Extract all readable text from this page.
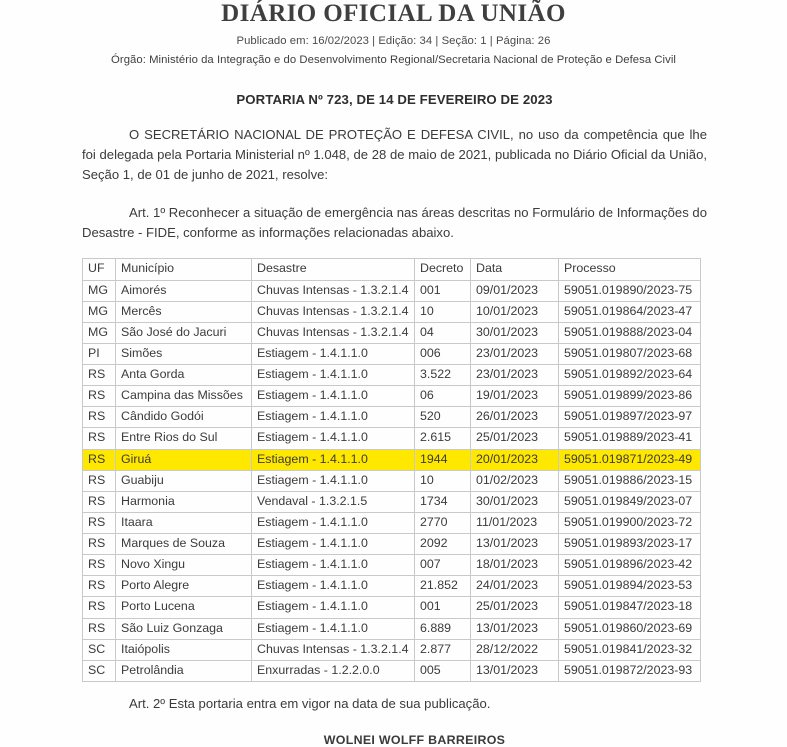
DIÁRIO OFICIAL DA UNIÃO
Publicado em: 16/02/2023 | Edição: 34 | Seção: 1 | Página: 26
Órgão: Ministério da Integração e do Desenvolvimento Regional/Secretaria Nacional de Proteção e Defesa Civil
PORTARIA Nº 723, DE 14 DE FEVEREIRO DE 2023
O SECRETÁRIO NACIONAL DE PROTEÇÃO E DEFESA CIVIL, no uso da competência que lhe foi delegada pela Portaria Ministerial nº 1.048, de 28 de maio de 2021, publicada no Diário Oficial da União, Seção 1, de 01 de junho de 2021, resolve:
Art. 1º Reconhecer a situação de emergência nas áreas descritas no Formulário de Informações do Desastre - FIDE, conforme as informações relacionadas abaixo.
UF	Município	Desastre	Decreto	Data	Processo
MG	Aimorés	Chuvas Intensas - 1.3.2.1.4	001	09/01/2023	59051.019890/2023-75
MG	Mercês	Chuvas Intensas - 1.3.2.1.4	10	10/01/2023	59051.019864/2023-47
MG	São José do Jacuri	Chuvas Intensas - 1.3.2.1.4	04	30/01/2023	59051.019888/2023-04
PI	Simões	Estiagem - 1.4.1.1.0	006	23/01/2023	59051.019807/2023-68
RS	Anta Gorda	Estiagem - 1.4.1.1.0	3.522	23/01/2023	59051.019892/2023-64
RS	Campina das Missões	Estiagem - 1.4.1.1.0	06	19/01/2023	59051.019899/2023-86
RS	Cândido Godói	Estiagem - 1.4.1.1.0	520	26/01/2023	59051.019897/2023-97
RS	Entre Rios do Sul	Estiagem - 1.4.1.1.0	2.615	25/01/2023	59051.019889/2023-41
RS	Giruá	Estiagem - 1.4.1.1.0	1944	20/01/2023	59051.019871/2023-49
RS	Guabiju	Estiagem - 1.4.1.1.0	10	01/02/2023	59051.019886/2023-15
RS	Harmonia	Vendaval - 1.3.2.1.5	1734	30/01/2023	59051.019849/2023-07
RS	Itaara	Estiagem - 1.4.1.1.0	2770	11/01/2023	59051.019900/2023-72
RS	Marques de Souza	Estiagem - 1.4.1.1.0	2092	13/01/2023	59051.019893/2023-17
RS	Novo Xingu	Estiagem - 1.4.1.1.0	007	18/01/2023	59051.019896/2023-42
RS	Porto Alegre	Estiagem - 1.4.1.1.0	21.852	24/01/2023	59051.019894/2023-53
RS	Porto Lucena	Estiagem - 1.4.1.1.0	001	25/01/2023	59051.019847/2023-18
RS	São Luiz Gonzaga	Estiagem - 1.4.1.1.0	6.889	13/01/2023	59051.019860/2023-69
SC	Itaiópolis	Chuvas Intensas - 1.3.2.1.4	2.877	28/12/2022	59051.019841/2023-32
SC	Petrolândia	Enxurradas - 1.2.2.0.0	005	13/01/2023	59051.019872/2023-93
Art. 2º Esta portaria entra em vigor na data de sua publicação.
WOLNEI WOLFF BARREIROS
